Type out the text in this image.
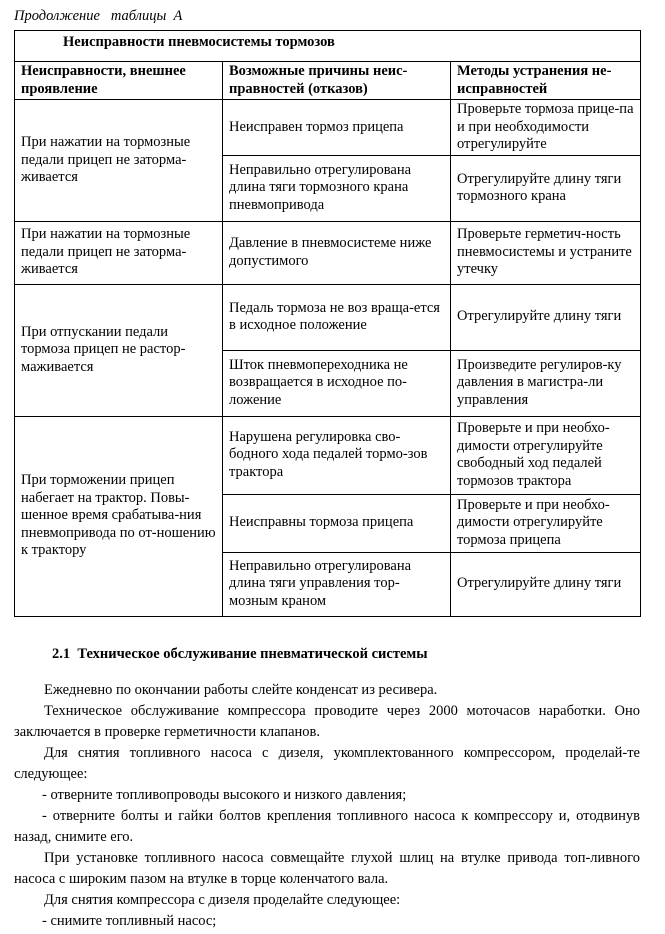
Продолжение   таблицы  А
Неисправности пневмосистемы тормозов		
Неисправности, внешнее проявление	Возможные причины неис-правностей (отказов)	Методы устранения не-исправностей
При нажатии на тормозные педали прицеп не затормa-живается	Неисправен тормоз прицепа	Проверьте тормоза прице-па и при необходимости отрегулируйте
	Неправильно отрегулирована длина тяги тормозного крана пневмопривода	Отрегулируйте длину тяги тормозного крана
При нажатии на тормозные педали прицеп не затормa-живается	Давление в пневмосистеме ниже допустимого	Проверьте герметич-ность пневмосистемы и устраните утечку
При отпускании педали тормоза прицеп не растор-маживается	Педаль тормоза не воз враща-ется в исходное положение	Отрегулируйте длину тяги
	Шток пневмопереходника не возвращается в исходное по-ложение	Произведите регулиров-ку давления в магистра-ли управления
При торможении прицеп набегает на трактор. Повы-шенное время срабатыва-ния пневмопривода по от-ношению к трактору	Нарушена регулировка сво-бодного хода педалей тормо-зов трактора	Проверьте и при необхо-димости отрегулируйте свободный ход педалей тормозов трактора
	Неисправны тормоза прицепа	Проверьте и при необхо-димости отрегулируйте тормоза прицепа
	Неправильно отрегулирована длина тяги управления тор-мозным краном	Отрегулируйте длину тяги
2.1 Техническое обслуживание пневматической системы

Ежедневно по окончании работы слейте конденсат из ресивера.

Техническое обслуживание компрессора проводите через 2000 моточасов наработки. Оно заключается в проверке герметичности клапанов.

Для снятия топливного насоса с дизеля, укомплектованного компрессором, проделай-те следующее:

- отверните топливопроводы высокого и низкого давления;

- отверните болты и гайки болтов крепления топливного насоса к компрессору и, отодвинув назад, снимите его.

При установке топливного насоса совмещайте глухой шлиц на втулке привода топ-ливного насоса с широким пазом на втулке в торце коленчатого вала.

Для снятия компрессора с дизеля проделайте следующее:

- снимите топливный насос;
